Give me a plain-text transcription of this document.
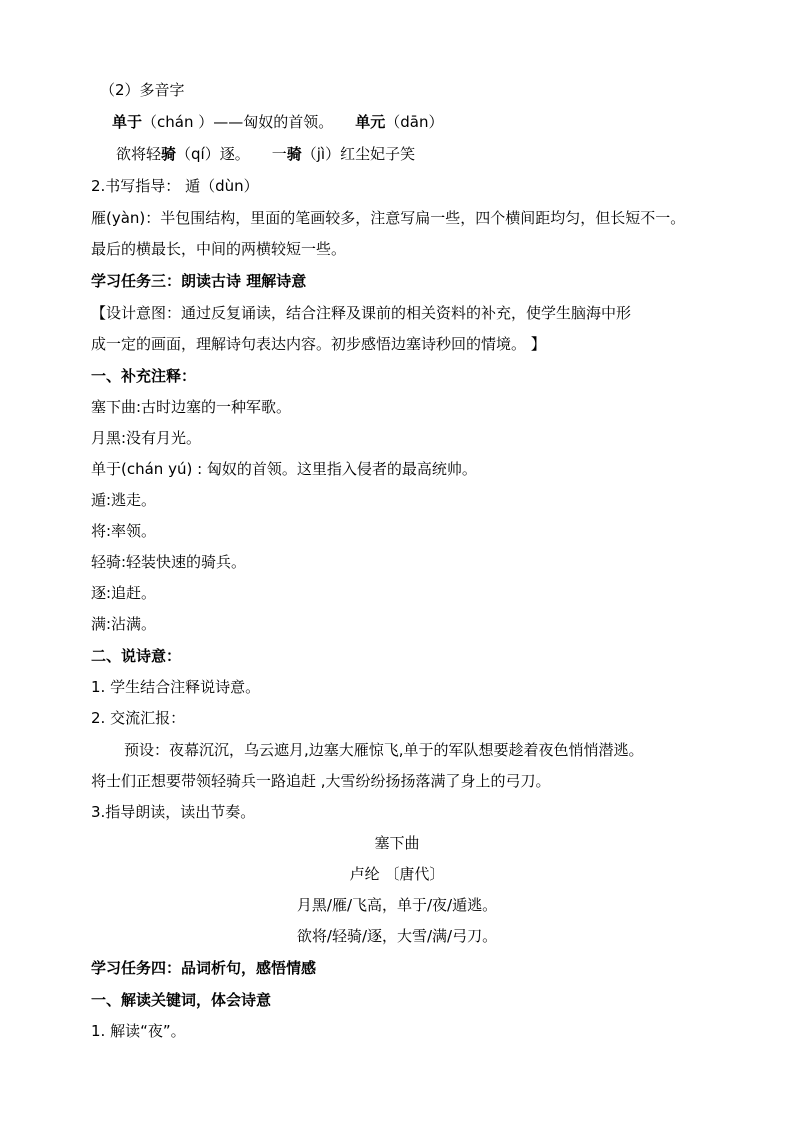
（2）多音字
单于（chán ）——匈奴的首领。 单元（dān）
欲将轻骑（qí）逐。 一骑（jì）红尘妃子笑
2.书写指导： 遁（dùn）
雁(yàn)：半包围结构，里面的笔画较多，注意写扁一些，四个横间距均匀，但长短不一。
最后的横最长，中间的两横较短一些。
学习任务三：朗读古诗 理解诗意
【设计意图：通过反复诵读，结合注释及课前的相关资料的补充，使学生脑海中形
成一定的画面，理解诗句表达内容。初步感悟边塞诗秒回的情境。 】
一、补充注释：
塞下曲:古时边塞的一种军歌。
月黑:没有月光。
单于(chán yú) : 匈奴的首领。这里指入侵者的最高统帅。
遁:逃走。
将:率领。
轻骑:轻装快速的骑兵。
逐:追赶。
满:沾满。
二、说诗意：
1. 学生结合注释说诗意。
2. 交流汇报：
预设：夜幕沉沉，乌云遮月,边塞大雁惊飞,单于的军队想要趁着夜色悄悄潜逃。
将士们正想要带领轻骑兵一路追赶 ,大雪纷纷扬扬落满了身上的弓刀。
3.指导朗读，读出节奏。
塞下曲
卢纶 〔唐代〕
月黑/雁/飞高，单于/夜/遁逃。
欲将/轻骑/逐，大雪/满/弓刀。
学习任务四：品词析句，感悟情感
一、解读关键词，体会诗意
1. 解读“夜”。
